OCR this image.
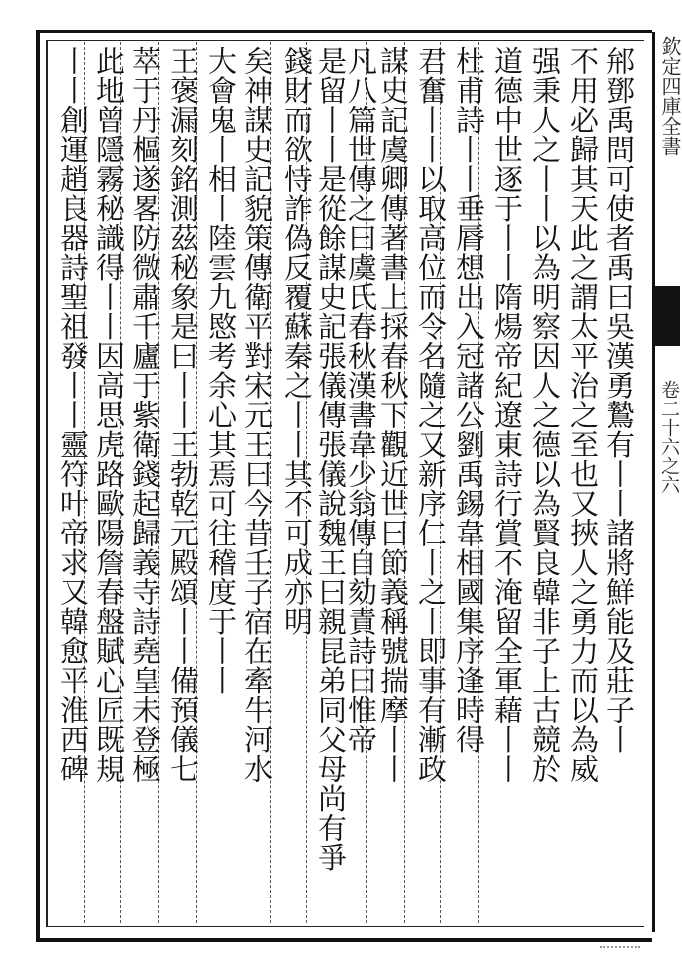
𨚕鄧禹問可使者禹曰吳漢勇鷙有丨丨諸將鮮能及莊子丨
不用必歸其天此之謂太平治之至也又挾人之勇力而以為威
强秉人之丨丨以為明察因人之德以為賢良韓非子上古競於
道德中世逐于丨丨隋煬帝紀遼東詩行賞不淹留全軍藉丨丨
杜甫詩丨丨垂脣想出入冠諸公劉禹錫韋相國集序逢時得
君奮丨丨以取高位而令名隨之又新序仁丨之丨即事有漸政
謀史記虞卿傳著書上採春秋下觀近世曰節義稱號揣摩丨丨
凡八篇世傳之曰虞氏春秋漢書韋少翁傳自劾責詩曰惟帝
是留丨丨是從餘謀史記張儀傳張儀說魏王曰親昆弟同父母尚有爭
錢財而欲恃詐偽反覆蘇秦之丨丨其不可成亦明
矣神謀史記貌策傳衛平對宋元王曰今昔壬子宿在牽牛河水
大會鬼丨相丨陸雲九愍考余心其焉可往稽度于丨丨
王褒漏刻銘測茲秘象是曰丨丨王勃乾元殿頌丨丨備預儀七
萃于丹樞遂畧防微肅千廬于紫衛錢起歸義寺詩堯皇未登極
此地曾隱霧秘識得丨丨因高思虎路歐陽詹春盤賦心匠既規
丨丨創運趙良器詩聖祖發丨丨靈符叶帝求又韓愈平淮西碑	欽定四庫全書
卷二十六之六
